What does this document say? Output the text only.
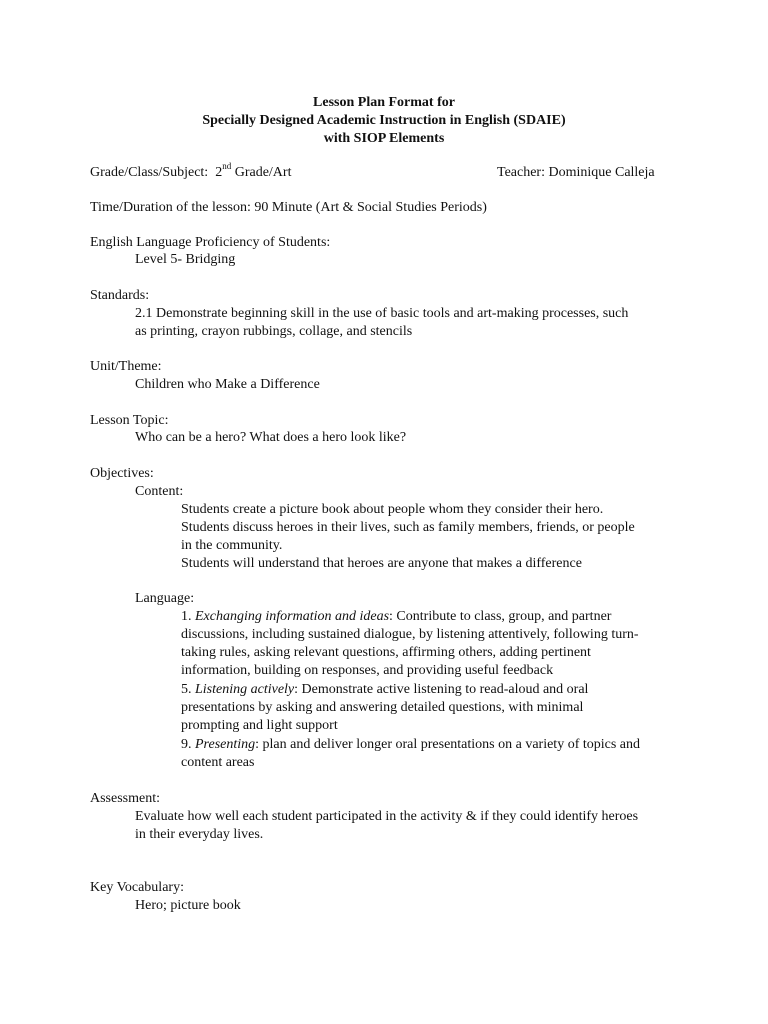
Lesson Plan Format for
Specially Designed Academic Instruction in English (SDAIE)
with SIOP Elements
Grade/Class/Subject: 2nd Grade/Art	Teacher: Dominique Calleja
Time/Duration of the lesson: 90 Minute (Art & Social Studies Periods)
English Language Proficiency of Students:
Level 5- Bridging
Standards:
2.1 Demonstrate beginning skill in the use of basic tools and art-making processes, such
as printing, crayon rubbings, collage, and stencils
Unit/Theme:
Children who Make a Difference
Lesson Topic:
Who can be a hero? What does a hero look like?
Objectives:
Content:
Students create a picture book about people whom they consider their hero.
Students discuss heroes in their lives, such as family members, friends, or people
in the community.
Students will understand that heroes are anyone that makes a difference
Language:
1. Exchanging information and ideas: Contribute to class, group, and partner
discussions, including sustained dialogue, by listening attentively, following turn-
taking rules, asking relevant questions, affirming others, adding pertinent
information, building on responses, and providing useful feedback
5. Listening actively: Demonstrate active listening to read-aloud and oral
presentations by asking and answering detailed questions, with minimal
prompting and light support
9. Presenting: plan and deliver longer oral presentations on a variety of topics and
content areas
Assessment:
Evaluate how well each student participated in the activity & if they could identify heroes
in their everyday lives.
Key Vocabulary:
Hero; picture book
